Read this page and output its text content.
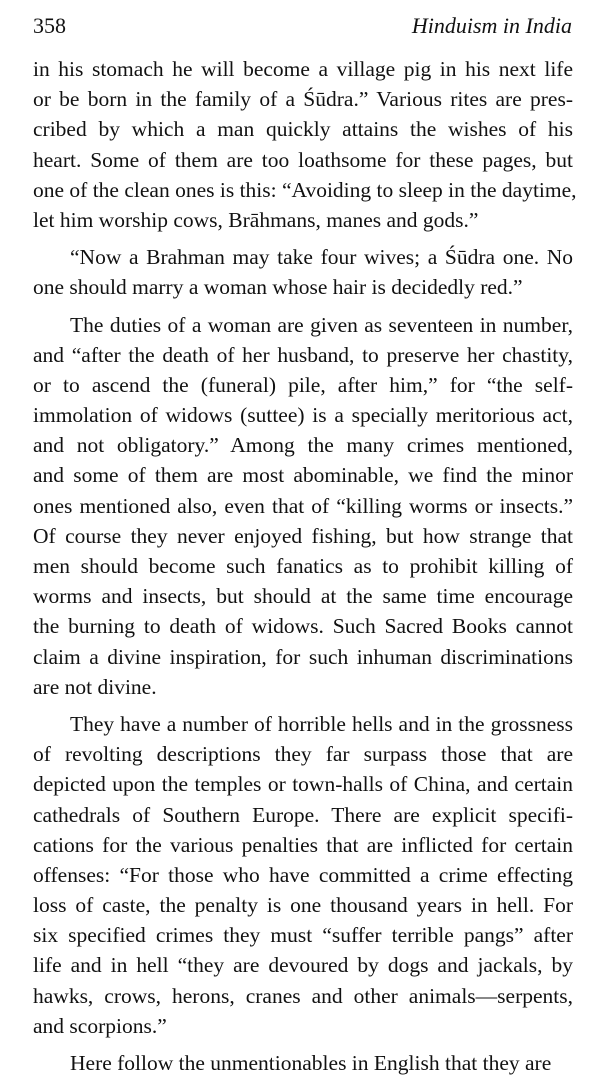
358	Hinduism in India
in his stomach he will become a village pig in his next life
or be born in the family of a Śūdra.” Various rites are pres-
cribed by which a man quickly attains the wishes of his
heart. Some of them are too loathsome for these pages, but
one of the clean ones is this: “Avoiding to sleep in the daytime,
let him worship cows, Brāhmans, manes and gods.”
“Now a Brahman may take four wives; a Śūdra one. No
one should marry a woman whose hair is decidedly red.”
The duties of a woman are given as seventeen in number,
and “after the death of her husband, to preserve her chastity,
or to ascend the (funeral) pile, after him,” for “the self-
immolation of widows (suttee) is a specially meritorious act,
and not obligatory.” Among the many crimes mentioned,
and some of them are most abominable, we find the minor
ones mentioned also, even that of “killing worms or insects.”
Of course they never enjoyed fishing, but how strange that
men should become such fanatics as to prohibit killing of
worms and insects, but should at the same time encourage
the burning to death of widows. Such Sacred Books cannot
claim a divine inspiration, for such inhuman discriminations
are not divine.
They have a number of horrible hells and in the grossness
of revolting descriptions they far surpass those that are
depicted upon the temples or town-halls of China, and certain
cathedrals of Southern Europe. There are explicit specifi-
cations for the various penalties that are inflicted for certain
offenses: “For those who have committed a crime effecting
loss of caste, the penalty is one thousand years in hell. For
six specified crimes they must “suffer terrible pangs” after
life and in hell “they are devoured by dogs and jackals, by
hawks, crows, herons, cranes and other animals—serpents,
and scorpions.”
Here follow the unmentionables in English that they are
